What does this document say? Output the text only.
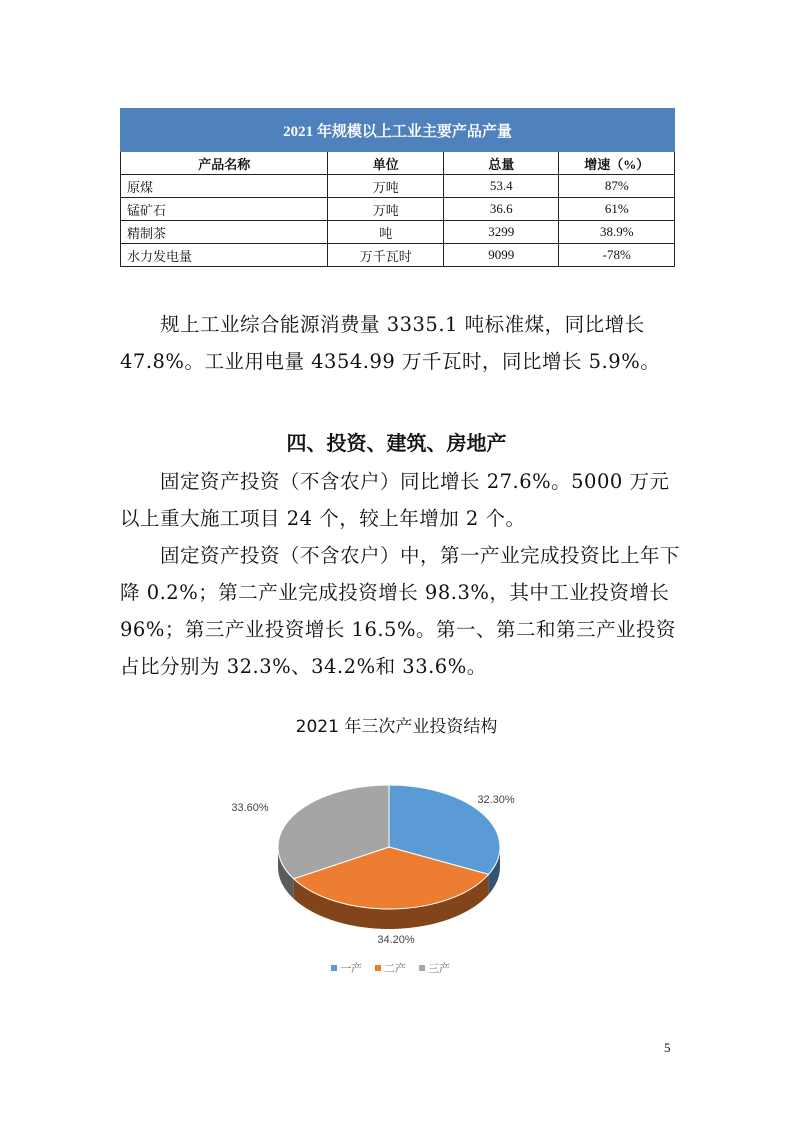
2021 年规模以上工业主要产品产量			
产品名称	单位	总量	增速（%）
原煤	万吨	53.4	87%
锰矿石	万吨	36.6	61%
精制茶	吨	3299	38.9%
水力发电量	万千瓦时	9099	-78%

规上工业综合能源消费量 3335.1 吨标准煤，同比增长 47.8%。工业用电量 4354.99 万千瓦时，同比增长 5.9%。

四、投资、建筑、房地产

固定资产投资（不含农户）同比增长 27.6%。5000 万元以上重大施工项目 24 个，较上年增加 2 个。

固定资产投资（不含农户）中，第一产业完成投资比上年下降 0.2%；第二产业完成投资增长 98.3%，其中工业投资增长 96%；第三产业投资增长 16.5%。第一、第二和第三产业投资占比分别为 32.3%、34.2%和 33.6%。

2021 年三次产业投资结构
32.30%
34.20%
33.60%
一产 二产 三产
5
